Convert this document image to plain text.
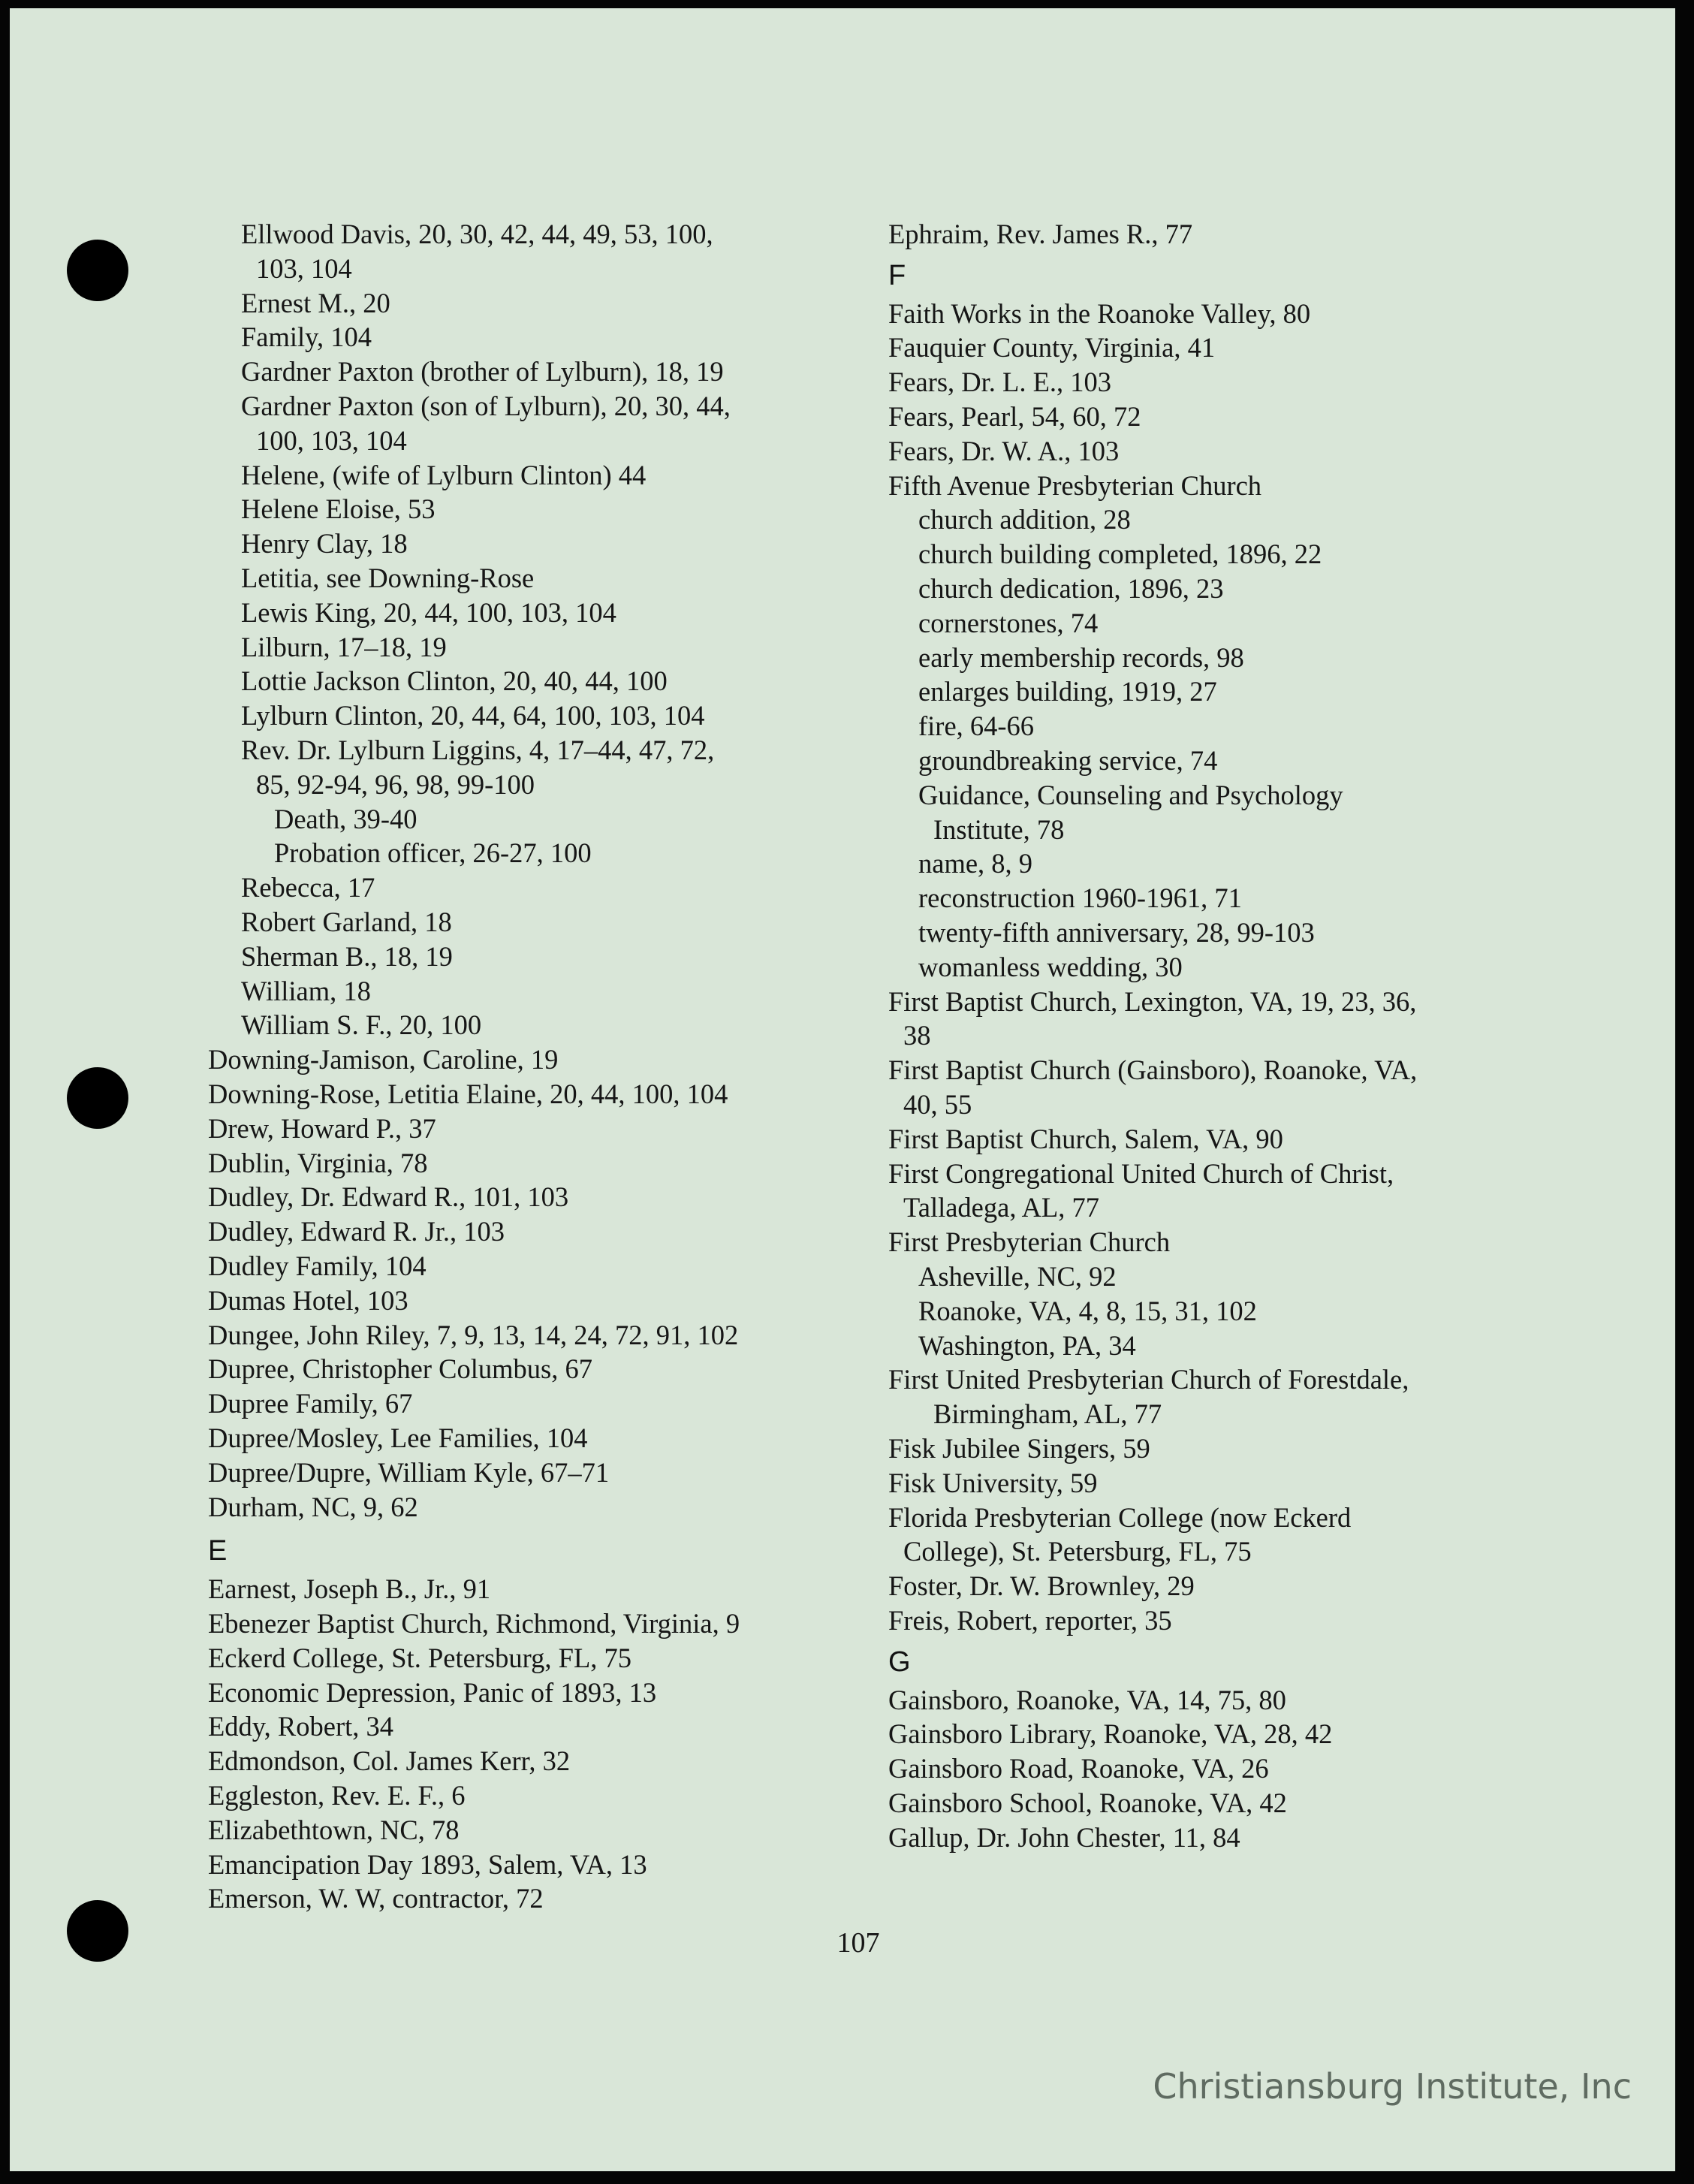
Ellwood Davis, 20, 30, 42, 44, 49, 53, 100,
103, 104
Ernest M., 20
Family, 104
Gardner Paxton (brother of Lylburn), 18, 19
Gardner Paxton (son of Lylburn), 20, 30, 44,
100, 103, 104
Helene, (wife of Lylburn Clinton) 44
Helene Eloise, 53
Henry Clay, 18
Letitia, see Downing-Rose
Lewis King, 20, 44, 100, 103, 104
Lilburn, 17–18, 19
Lottie Jackson Clinton, 20, 40, 44, 100
Lylburn Clinton, 20, 44, 64, 100, 103, 104
Rev. Dr. Lylburn Liggins, 4, 17–44, 47, 72,
85, 92-94, 96, 98, 99-100
Death, 39-40
Probation officer, 26-27, 100
Rebecca, 17
Robert Garland, 18
Sherman B., 18, 19
William, 18
William S. F., 20, 100
Downing-Jamison, Caroline, 19
Downing-Rose, Letitia Elaine, 20, 44, 100, 104
Drew, Howard P., 37
Dublin, Virginia, 78
Dudley, Dr. Edward R., 101, 103
Dudley, Edward R. Jr., 103
Dudley Family, 104
Dumas Hotel, 103
Dungee, John Riley, 7, 9, 13, 14, 24, 72, 91, 102
Dupree, Christopher Columbus, 67
Dupree Family, 67
Dupree/Mosley, Lee Families, 104
Dupree/Dupre, William Kyle, 67–71
Durham, NC, 9, 62
E
Earnest, Joseph B., Jr., 91
Ebenezer Baptist Church, Richmond, Virginia, 9
Eckerd College, St. Petersburg, FL, 75
Economic Depression, Panic of 1893, 13
Eddy, Robert, 34
Edmondson, Col. James Kerr, 32
Eggleston, Rev. E. F., 6
Elizabethtown, NC, 78
Emancipation Day 1893, Salem, VA, 13
Emerson, W. W, contractor, 72
Ephraim, Rev. James R., 77
F
Faith Works in the Roanoke Valley, 80
Fauquier County, Virginia, 41
Fears, Dr. L. E., 103
Fears, Pearl, 54, 60, 72
Fears, Dr. W. A., 103
Fifth Avenue Presbyterian Church
church addition, 28
church building completed, 1896, 22
church dedication, 1896, 23
cornerstones, 74
early membership records, 98
enlarges building, 1919, 27
fire, 64-66
groundbreaking service, 74
Guidance, Counseling and Psychology
Institute, 78
name, 8, 9
reconstruction 1960-1961, 71
twenty-fifth anniversary, 28, 99-103
womanless wedding, 30
First Baptist Church, Lexington, VA, 19, 23, 36,
38
First Baptist Church (Gainsboro), Roanoke, VA,
40, 55
First Baptist Church, Salem, VA, 90
First Congregational United Church of Christ,
Talladega, AL, 77
First Presbyterian Church
Asheville, NC, 92
Roanoke, VA, 4, 8, 15, 31, 102
Washington, PA, 34
First United Presbyterian Church of Forestdale,
Birmingham, AL, 77
Fisk Jubilee Singers, 59
Fisk University, 59
Florida Presbyterian College (now Eckerd
College), St. Petersburg, FL, 75
Foster, Dr. W. Brownley, 29
Freis, Robert, reporter, 35
G
Gainsboro, Roanoke, VA, 14, 75, 80
Gainsboro Library, Roanoke, VA, 28, 42
Gainsboro Road, Roanoke, VA, 26
Gainsboro School, Roanoke, VA, 42
Gallup, Dr. John Chester, 11, 84
107
Christiansburg Institute, Inc
